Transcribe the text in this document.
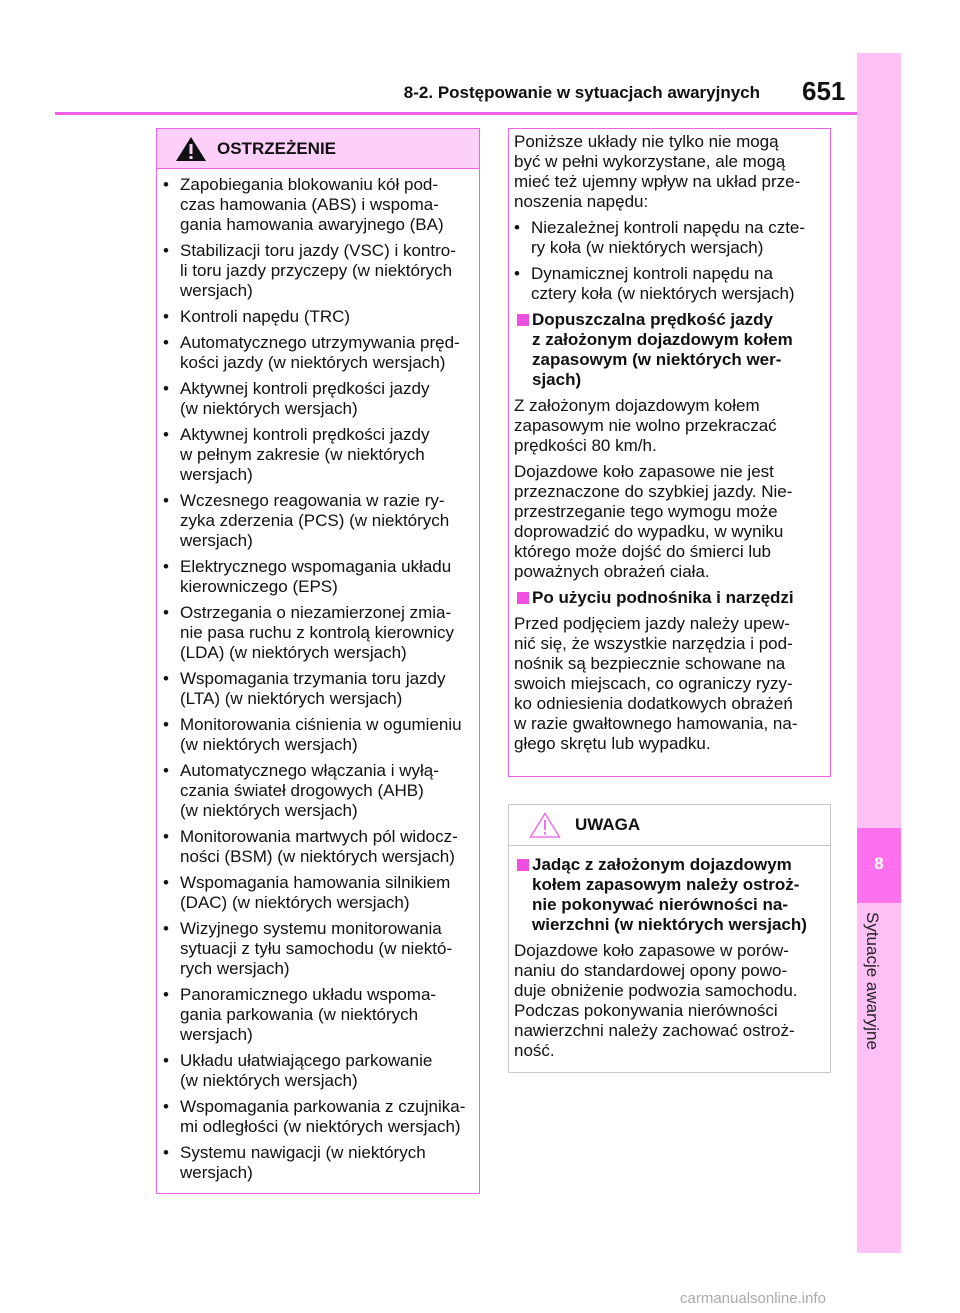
8-2. Postępowanie w sytuacjach awaryjnych 651
8
Sytuacje awaryjne
OSTRZEŻENIE
• Zapobiegania blokowaniu kół pod-
czas hamowania (ABS) i wspoma-
gania hamowania awaryjnego (BA)
• Stabilizacji toru jazdy (VSC) i kontro-
li toru jazdy przyczepy (w niektórych
wersjach)
• Kontroli napędu (TRC)
• Automatycznego utrzymywania pręd-
kości jazdy (w niektórych wersjach)
• Aktywnej kontroli prędkości jazdy
(w niektórych wersjach)
• Aktywnej kontroli prędkości jazdy
w pełnym zakresie (w niektórych
wersjach)
• Wczesnego reagowania w razie ry-
zyka zderzenia (PCS) (w niektórych
wersjach)
• Elektrycznego wspomagania układu
kierowniczego (EPS)
• Ostrzegania o niezamierzonej zmia-
nie pasa ruchu z kontrolą kierownicy
(LDA) (w niektórych wersjach)
• Wspomagania trzymania toru jazdy
(LTA) (w niektórych wersjach)
• Monitorowania ciśnienia w ogumieniu
(w niektórych wersjach)
• Automatycznego włączania i wyłą-
czania świateł drogowych (AHB)
(w niektórych wersjach)
• Monitorowania martwych pól widocz-
ności (BSM) (w niektórych wersjach)
• Wspomagania hamowania silnikiem
(DAC) (w niektórych wersjach)
• Wizyjnego systemu monitorowania
sytuacji z tyłu samochodu (w niektó-
rych wersjach)
• Panoramicznego układu wspoma-
gania parkowania (w niektórych
wersjach)
• Układu ułatwiającego parkowanie
(w niektórych wersjach)
• Wspomagania parkowania z czujnika-
mi odległości (w niektórych wersjach)
• Systemu nawigacji (w niektórych
wersjach)
Poniższe układy nie tylko nie mogą
być w pełni wykorzystane, ale mogą
mieć też ujemny wpływ na układ prze-
noszenia napędu:
• Niezależnej kontroli napędu na czte-
ry koła (w niektórych wersjach)
• Dynamicznej kontroli napędu na
cztery koła (w niektórych wersjach)
Dopuszczalna prędkość jazdy
z założonym dojazdowym kołem
zapasowym (w niektórych wer-
sjach)
Z założonym dojazdowym kołem
zapasowym nie wolno przekraczać
prędkości 80 km/h.
Dojazdowe koło zapasowe nie jest
przeznaczone do szybkiej jazdy. Nie-
przestrzeganie tego wymogu może
doprowadzić do wypadku, w wyniku
którego może dojść do śmierci lub
poważnych obrażeń ciała.
Po użyciu podnośnika i narzędzi
Przed podjęciem jazdy należy upew-
nić się, że wszystkie narzędzia i pod-
nośnik są bezpiecznie schowane na
swoich miejscach, co ograniczy ryzy-
ko odniesienia dodatkowych obrażeń
w razie gwałtownego hamowania, na-
głego skrętu lub wypadku.
UWAGA
Jadąc z założonym dojazdowym
kołem zapasowym należy ostroż-
nie pokonywać nierówności na-
wierzchni (w niektórych wersjach)
Dojazdowe koło zapasowe w porów-
naniu do standardowej opony powo-
duje obniżenie podwozia samochodu.
Podczas pokonywania nierówności
nawierzchni należy zachować ostroż-
ność.
carmanualsonline.info
